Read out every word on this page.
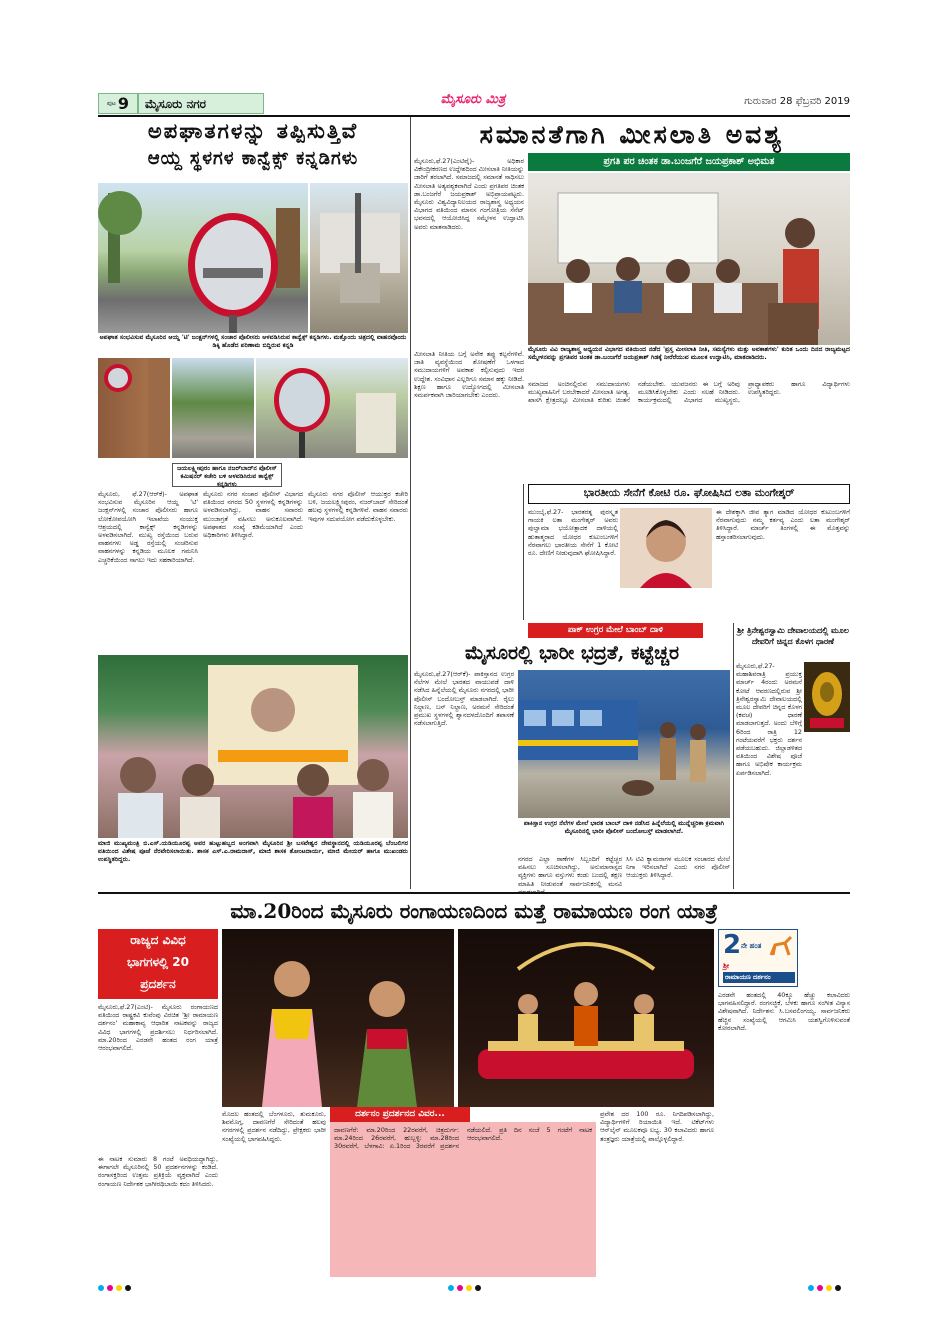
ಪುಟ 9	ಮೈಸೂರು ನಗರ	ಮೈಸೂರು ಮಿತ್ರ	ಗುರುವಾರ 28 ಫೆಬ್ರವರಿ 2019
ಅಪಘಾತಗಳನ್ನು ತಪ್ಪಿಸುತ್ತಿವೆ
ಆಯ್ದ ಸ್ಥಳಗಳ ಕಾನ್ವೆಕ್ಸ್ ಕನ್ನಡಿಗಳು
ಅಪಘಾತ ಸಂಭವಿಸುವ ಮೈಸೂರಿನ ಆಯ್ದ 'ಟಿ' ಜಂಕ್ಷನ್‌ಗಳಲ್ಲಿ ಸಂಚಾರ ಪೊಲೀಸರು ಅಳವಡಿಸಿರುವ ಕಾನ್ವೆಕ್ಸ್ ಕನ್ನಡಿಗಳು. ಮತ್ತೊಂದು ಚಿತ್ರದಲ್ಲಿ ವಾಹನವೊಂದು ಡಿಕ್ಕಿ ಹೊಡೆದ ಪರಿಣಾಮ ಬಿದ್ದಿರುವ ಕನ್ನಡಿ
ಜಯಲಕ್ಷ್ಮೀಪುರಂ ಹಾಗೂ ನಜರ್‌ಬಾದ್‌ನ ಪೊಲೀಸ್ ಕಮಿಷನರ್ ಕಚೇರಿ ಬಳಿ ಅಳವಡಿಸಿರುವ ಕಾನ್ವೆಕ್ಸ್ ಕನ್ನಡಿಗಳು
ಮೈಸೂರು, ಫೆ.27(ಆರ್‌ಕೆ)- ಅಪಘಾತ ಸಂಭವಿಸುವ ಮೈಸೂರಿನ ಆಯ್ದ 'ಟಿ' ಜಂಕ್ಷನ್‌ಗಳಲ್ಲಿ ಸಂಚಾರ ಪೊಲೀಸರು ಹಾಗೂ ಲೋಕೋಪಯೋಗಿ ಇಲಾಖೆಯ ಸಂಯುಕ್ತ ಆಶ್ರಯದಲ್ಲಿ ಕಾನ್ವೆಕ್ಸ್ ಕನ್ನಡಿಗಳನ್ನು ಅಳವಡಿಸಲಾಗಿದೆ. ಮುಖ್ಯ ರಸ್ತೆಯಿಂದ ಬರುವ ವಾಹನಗಳು ಅಡ್ಡ ರಸ್ತೆಯಲ್ಲಿ ಸಂಚರಿಸುವ ವಾಹನಗಳನ್ನು ಕನ್ನಡಿಯ ಮೂಲಕ ಗಮನಿಸಿ ಎಚ್ಚರಿಕೆಯಿಂದ ಸಾಗಲು ಇದು ಸಹಕಾರಿಯಾಗಿದೆ.
ಮೈಸೂರು ನಗರ ಸಂಚಾರ ಪೊಲೀಸ್ ವಿಭಾಗದ ವತಿಯಿಂದ ನಗರದ 50 ಸ್ಥಳಗಳಲ್ಲಿ ಕನ್ನಡಿಗಳನ್ನು ಅಳವಡಿಸಲಾಗಿದ್ದು, ವಾಹನ ಸವಾರರು ಮುಂಜಾಗ್ರತೆ ವಹಿಸಲು ಅನುಕೂಲವಾಗಿದೆ. ಅಪಘಾತದ ಸಂಖ್ಯೆ ಕಡಿಮೆಯಾಗಿದೆ ಎಂದು ಅಧಿಕಾರಿಗಳು ತಿಳಿಸಿದ್ದಾರೆ.
ಮೈಸೂರು ನಗರ ಪೊಲೀಸ್ ಆಯುಕ್ತರ ಕಚೇರಿ ಬಳಿ, ಜಯಲಕ್ಷ್ಮೀಪುರಂ, ನಜರ್‌ಬಾದ್ ಸೇರಿದಂತೆ ಹಲವು ಸ್ಥಳಗಳಲ್ಲಿ ಕನ್ನಡಿಗಳಿವೆ. ವಾಹನ ಸವಾರರು ಇವುಗಳ ಸದುಪಯೋಗ ಪಡೆದುಕೊಳ್ಳಬೇಕು.
ಮಾಜಿ ಮುಖ್ಯಮಂತ್ರಿ ಬಿ.ಎಸ್.ಯಡಿಯೂರಪ್ಪ ಅವರ ಹುಟ್ಟುಹಬ್ಬದ ಅಂಗವಾಗಿ ಮೈಸೂರಿನ ಶ್ರೀ ಬಸವೇಶ್ವರ ದೇವಸ್ಥಾನದಲ್ಲಿ ಯಡಿಯೂರಪ್ಪ ಬೆಂಬಲಿಗರ ವತಿಯಿಂದ ವಿಶೇಷ ಪೂಜೆ ನೆರವೇರಿಸಲಾಯಿತು. ಶಾಸಕ ಎಸ್.ಎ.ರಾಮದಾಸ್, ಮಾಜಿ ಶಾಸಕ ತೋಂಟದಾರ್ಯ, ಮಾಜಿ ಮೇಯರ್ ಹಾಗೂ ಮುಖಂಡರು ಉಪಸ್ಥಿತರಿದ್ದರು.
ಸಮಾನತೆಗಾಗಿ ಮೀಸಲಾತಿ ಅವಶ್ಯ
ಪ್ರಗತಿ ಪರ ಚಿಂತಕ ಡಾ.ಬಂಜಗೆರೆ ಜಯಪ್ರಕಾಶ್ ಅಭಿಮತ
ಮೈಸೂರು,ಫೆ.27(ಎಂಟಿವೈ)- ಅಧಿಕಾರ ವಿಕೇಂದ್ರೀಕರಣದ ಉದ್ದೇಶದಿಂದ ಮೀಸಲಾತಿ ನೀತಿಯನ್ನು ಜಾರಿಗೆ ತರಲಾಗಿದೆ. ಸಮಾಜದಲ್ಲಿ ಸಮಾನತೆ ಸಾಧಿಸಲು ಮೀಸಲಾತಿ ಅತ್ಯವಶ್ಯಕವಾಗಿದೆ ಎಂದು ಪ್ರಗತಿಪರ ಚಿಂತಕ ಡಾ.ಬಂಜಗೆರೆ ಜಯಪ್ರಕಾಶ್ ಅಭಿಪ್ರಾಯಪಟ್ಟರು. ಮೈಸೂರು ವಿಶ್ವವಿದ್ಯಾನಿಲಯದ ರಾಜ್ಯಶಾಸ್ತ್ರ ಅಧ್ಯಯನ ವಿಭಾಗದ ವತಿಯಿಂದ ಮಾನಸ ಗಂಗೋತ್ರಿಯ ಸೆನೆಟ್ ಭವನದಲ್ಲಿ ಆಯೋಜಿಸಿದ್ದ ಸಮ್ಮೇಳನ ಉದ್ಘಾಟಿಸಿ ಅವರು ಮಾತನಾಡಿದರು.
ಮೈಸೂರು ವಿವಿ ರಾಜ್ಯಶಾಸ್ತ್ರ ಅಧ್ಯಯನ ವಿಭಾಗದ ವತಿಯಿಂದ ನಡೆದ 'ಪ್ರಸ್ತ ಮೀಸಲಾತಿ ನೀತಿ, ಸಮಸ್ಯೆಗಳು ಮತ್ತು ಅವಕಾಶಗಳು' ಕುರಿತ ಒಂದು ದಿನದ ರಾಜ್ಯಮಟ್ಟದ ಸಮ್ಮೇಳನವನ್ನು ಪ್ರಗತಿಪರ ಚಿಂತಕ ಡಾ.ಬಂಜಗೆರೆ ಜಯಪ್ರಕಾಶ್ ಗಿಡಕ್ಕೆ ನೀರೆರೆಯುವ ಮೂಲಕ ಉದ್ಘಾಟಿಸಿ, ಮಾತನಾಡಿದರು.
ಮೀಸಲಾತಿ ನೀತಿಯ ಬಗ್ಗೆ ಅನೇಕ ತಪ್ಪು ಕಲ್ಪನೆಗಳಿವೆ. ಜಾತಿ ವ್ಯವಸ್ಥೆಯಿಂದ ಶೋಷಣೆಗೆ ಒಳಗಾದ ಸಮುದಾಯಗಳಿಗೆ ಅವಕಾಶ ಕಲ್ಪಿಸುವುದು ಇದರ ಉದ್ದೇಶ. ಸಂವಿಧಾನ ಎಲ್ಲರಿಗೂ ಸಮಾನ ಹಕ್ಕು ನೀಡಿದೆ. ಶಿಕ್ಷಣ ಹಾಗೂ ಉದ್ಯೋಗದಲ್ಲಿ ಮೀಸಲಾತಿ ಸಮರ್ಪಕವಾಗಿ ಜಾರಿಯಾಗಬೇಕು ಎಂದರು.
ಸಮಾಜದ ಅಂಚಿನಲ್ಲಿರುವ ಸಮುದಾಯಗಳು ಮುಖ್ಯವಾಹಿನಿಗೆ ಬರಬೇಕಾದರೆ ಮೀಸಲಾತಿ ಅಗತ್ಯ. ಖಾಸಗಿ ಕ್ಷೇತ್ರದಲ್ಲೂ ಮೀಸಲಾತಿ ಕುರಿತು ಚಿಂತನೆ ನಡೆಯಬೇಕು. ಯುವಜನರು ಈ ಬಗ್ಗೆ ಅರಿವು ಮೂಡಿಸಿಕೊಳ್ಳಬೇಕು ಎಂದು ಸಲಹೆ ನೀಡಿದರು. ಕಾರ್ಯಕ್ರಮದಲ್ಲಿ ವಿಭಾಗದ ಮುಖ್ಯಸ್ಥರು, ಪ್ರಾಧ್ಯಾಪಕರು ಹಾಗೂ ವಿದ್ಯಾರ್ಥಿಗಳು ಉಪಸ್ಥಿತರಿದ್ದರು.
ಭಾರತೀಯ ಸೇನೆಗೆ ಕೋಟಿ ರೂ. ಘೋಷಿಸಿದ ಲತಾ ಮಂಗೇಶ್ಕರ್
ಮುಂಬೈ,ಫೆ.27- ಭಾರತರತ್ನ ಪುರಸ್ಕೃತ ಗಾಯಕಿ ಲತಾ ಮಂಗೇಶ್ಕರ್ ಅವರು ಪುಲ್ವಾಮಾ ಭಯೋತ್ಪಾದಕ ದಾಳಿಯಲ್ಲಿ ಹುತಾತ್ಮರಾದ ಯೋಧರ ಕುಟುಂಬಗಳಿಗೆ ನೆರವಾಗಲು ಭಾರತೀಯ ಸೇನೆಗೆ 1 ಕೋಟಿ ರೂ. ದೇಣಿಗೆ ನೀಡುವುದಾಗಿ ಘೋಷಿಸಿದ್ದಾರೆ.
ಈ ದೇಶಕ್ಕಾಗಿ ಜೀವ ತ್ಯಾಗ ಮಾಡಿದ ಯೋಧರ ಕುಟುಂಬಗಳಿಗೆ ನೆರವಾಗುವುದು ನಮ್ಮ ಕರ್ತವ್ಯ ಎಂದು ಲತಾ ಮಂಗೇಶ್ಕರ್ ತಿಳಿಸಿದ್ದಾರೆ. ಮಾರ್ಚ್ ತಿಂಗಳಲ್ಲಿ ಈ ಮೊತ್ತವನ್ನು ಹಸ್ತಾಂತರಿಸಲಾಗುವುದು.
ಪಾಕ್ ಉಗ್ರರ ಮೇಲೆ ಬಾಂಬ್ ದಾಳಿ
ಮೈಸೂರಲ್ಲಿ ಭಾರೀ ಭದ್ರತೆ, ಕಟ್ಟೆಚ್ಚರ
ಮೈಸೂರು,ಫೆ.27(ಆರ್‌ಕೆ)- ಪಾಕಿಸ್ತಾನದ ಉಗ್ರರ ನೆಲೆಗಳ ಮೇಲೆ ಭಾರತದ ವಾಯುಪಡೆ ದಾಳಿ ನಡೆಸಿದ ಹಿನ್ನೆಲೆಯಲ್ಲಿ ಮೈಸೂರು ನಗರದಲ್ಲಿ ಭಾರೀ ಪೊಲೀಸ್ ಬಂದೋಬಸ್ತ್ ಮಾಡಲಾಗಿದೆ. ರೈಲು ನಿಲ್ದಾಣ, ಬಸ್ ನಿಲ್ದಾಣ, ಅರಮನೆ ಸೇರಿದಂತೆ ಪ್ರಮುಖ ಸ್ಥಳಗಳಲ್ಲಿ ಶ್ವಾನದಳದೊಂದಿಗೆ ತಪಾಸಣೆ ನಡೆಸಲಾಗುತ್ತಿದೆ.
ಪಾಕಿಸ್ತಾನ ಉಗ್ರರ ನೆಲೆಗಳ ಮೇಲೆ ಭಾರತ ಬಾಂಬ್ ದಾಳಿ ನಡೆಸಿದ ಹಿನ್ನೆಲೆಯಲ್ಲಿ ಮುನ್ನೆಚ್ಚರಿಕಾ ಕ್ರಮವಾಗಿ ಮೈಸೂರಿನಲ್ಲಿ ಭಾರೀ ಪೊಲೀಸ್ ಬಂದೋಬಸ್ತ್ ಮಾಡಲಾಗಿದೆ.
ನಗರದ ಎಲ್ಲಾ ಠಾಣೆಗಳ ಸಿಬ್ಬಂದಿಗೆ ಕಟ್ಟೆಚ್ಚರ ವಹಿಸಲು ಸೂಚಿಸಲಾಗಿದ್ದು, ಅನುಮಾನಾಸ್ಪದ ವ್ಯಕ್ತಿಗಳು ಹಾಗೂ ವಸ್ತುಗಳು ಕಂಡು ಬಂದಲ್ಲಿ ತಕ್ಷಣ ಮಾಹಿತಿ ನೀಡುವಂತೆ ಸಾರ್ವಜನಿಕರಲ್ಲಿ ಮನವಿ
ಸಿಸಿ ಟಿವಿ ಕ್ಯಾಮರಾಗಳ ಮೂಲಕ ಸಂಚಾರದ ಮೇಲೆ ನಿಗಾ ಇರಿಸಲಾಗಿದೆ ಎಂದು ನಗರ ಪೊಲೀಸ್ ಆಯುಕ್ತರು ತಿಳಿಸಿದ್ದಾರೆ.
ಶ್ರೀ ತ್ರಿನೇಶ್ವರಸ್ವಾಮಿ ದೇವಾಲಯದಲ್ಲಿ ಮೂಲ ದೇವರಿಗೆ ಚಿನ್ನದ ಕೊಳಗ ಧಾರಣೆ
ಮೈಸೂರು,ಫೆ.27- ಮಹಾಶಿವರಾತ್ರಿ ಪ್ರಯುಕ್ತ ಮಾರ್ಚ್ 4ರಂದು ಅರಮನೆ ಕೋಟೆ ಆವರಣದಲ್ಲಿರುವ ಶ್ರೀ ತ್ರಿನೇಶ್ವರಸ್ವಾಮಿ ದೇವಾಲಯದಲ್ಲಿ ಮೂಲ ದೇವರಿಗೆ ಚಿನ್ನದ ಕೊಳಗ (ಕವಚ) ಧಾರಣೆ ಮಾಡಲಾಗುತ್ತದೆ. ಅಂದು ಬೆಳಿಗ್ಗೆ 6ರಿಂದ ರಾತ್ರಿ 12 ಗಂಟೆಯವರೆಗೆ ಭಕ್ತರು ದರ್ಶನ ಪಡೆಯಬಹುದು. ಜಿಲ್ಲಾಡಳಿತದ ವತಿಯಿಂದ ವಿಶೇಷ ಪೂಜೆ ಹಾಗೂ ಅಭಿಷೇಕ ಕಾರ್ಯಕ್ರಮ ಏರ್ಪಡಿಸಲಾಗಿದೆ.
ಮಾ.20ರಿಂದ ಮೈಸೂರು ರಂಗಾಯಣದಿಂದ ಮತ್ತೆ ರಾಮಾಯಣ ರಂಗ ಯಾತ್ರೆ
ರಾಜ್ಯದ ವಿವಿಧ
ಭಾಗಗಳಲ್ಲಿ 20
ಪ್ರದರ್ಶನ
ಮೈಸೂರು,ಫೆ.27(ಎಂಟಿ)- ಮೈಸೂರು ರಂಗಾಯಣದ ವತಿಯಿಂದ ರಾಷ್ಟ್ರಕವಿ ಕುವೆಂಪು ವಿರಚಿತ 'ಶ್ರೀ ರಾಮಾಯಣ ದರ್ಶನಂ' ಮಹಾಕಾವ್ಯ ಆಧಾರಿತ ನಾಟಕವನ್ನು ರಾಜ್ಯದ ವಿವಿಧ ಭಾಗಗಳಲ್ಲಿ ಪ್ರದರ್ಶಿಸಲು ನಿರ್ಧರಿಸಲಾಗಿದೆ. ಮಾ.20ರಿಂದ ಎರಡನೇ ಹಂತದ ರಂಗ ಯಾತ್ರೆ ಆರಂಭವಾಗಲಿದೆ.
ಈ ನಾಟಕ ಸುಮಾರು 8 ಗಂಟೆ ಅವಧಿಯದ್ದಾಗಿದ್ದು, ಈಗಾಗಲೇ ಮೈಸೂರಿನಲ್ಲಿ 50 ಪ್ರದರ್ಶನಗಳನ್ನು ಕಂಡಿದೆ. ರಂಗಾಸಕ್ತರಿಂದ ಉತ್ತಮ ಪ್ರತಿಕ್ರಿಯೆ ವ್ಯಕ್ತವಾಗಿದೆ ಎಂದು ರಂಗಾಯಣ ನಿರ್ದೇಶಕ ಭಾಗೀರಥಿಬಾಯಿ ಕದಂ ತಿಳಿಸಿದರು.
2 ನೇ ಹಂತ
ಶ್ರೀ
ರಾಮಾಯಣ ದರ್ಶನಂ
ಎರಡನೇ ಹಂತದಲ್ಲಿ 40ಕ್ಕೂ ಹೆಚ್ಚು ಕಲಾವಿದರು ಭಾಗವಹಿಸಲಿದ್ದಾರೆ. ರಂಗಸಜ್ಜಿಕೆ, ಬೆಳಕು ಹಾಗೂ ಸಂಗೀತ ವಿನ್ಯಾಸ ವಿಶೇಷವಾಗಿದೆ. ನಿರ್ದೇಶನ: ಸಿ.ಬಸವಲಿಂಗಯ್ಯ. ಸಾರ್ವಜನಿಕರು ಹೆಚ್ಚಿನ ಸಂಖ್ಯೆಯಲ್ಲಿ ಆಗಮಿಸಿ ಯಶಸ್ವಿಗೊಳಿಸುವಂತೆ ಕೋರಲಾಗಿದೆ.
ದರ್ಶನಂ ಪ್ರದರ್ಶನದ ವಿವರ...
ದಾವಣಗೆರೆ: ಮಾ.20ರಿಂದ 22ರವರೆಗೆ, ಚಿತ್ರದುರ್ಗ: ಮಾ.24ರಿಂದ 26ರವರೆಗೆ, ಹುಬ್ಬಳ್ಳಿ: ಮಾ.28ರಿಂದ 30ರವರೆಗೆ, ಬೆಳಗಾವಿ: ಏ.1ರಿಂದ 3ರವರೆಗೆ ಪ್ರದರ್ಶನ ನಡೆಯಲಿದೆ. ಪ್ರತಿ ದಿನ ಸಂಜೆ 5 ಗಂಟೆಗೆ ನಾಟಕ ಆರಂಭವಾಗಲಿದೆ.
ಮೊದಲ ಹಂತದಲ್ಲಿ ಬೆಂಗಳೂರು, ತುಮಕೂರು, ಶಿವಮೊಗ್ಗ, ದಾವಣಗೆರೆ ಸೇರಿದಂತೆ ಹಲವು ನಗರಗಳಲ್ಲಿ ಪ್ರದರ್ಶನ ನಡೆದಿದ್ದು, ಪ್ರೇಕ್ಷಕರು ಭಾರೀ ಸಂಖ್ಯೆಯಲ್ಲಿ ಭಾಗವಹಿಸಿದ್ದರು.
ಪ್ರವೇಶ ದರ 100 ರೂ. ನಿಗದಿಪಡಿಸಲಾಗಿದ್ದು, ವಿದ್ಯಾರ್ಥಿಗಳಿಗೆ ರಿಯಾಯಿತಿ ಇದೆ. ಟಿಕೆಟ್‌ಗಳು ಆನ್‌ಲೈನ್ ಮೂಲಕವೂ ಲಭ್ಯ. 30 ಕಲಾವಿದರು ಹಾಗೂ ತಂತ್ರಜ್ಞರು ಯಾತ್ರೆಯಲ್ಲಿ ಪಾಲ್ಗೊಳ್ಳಲಿದ್ದಾರೆ.
